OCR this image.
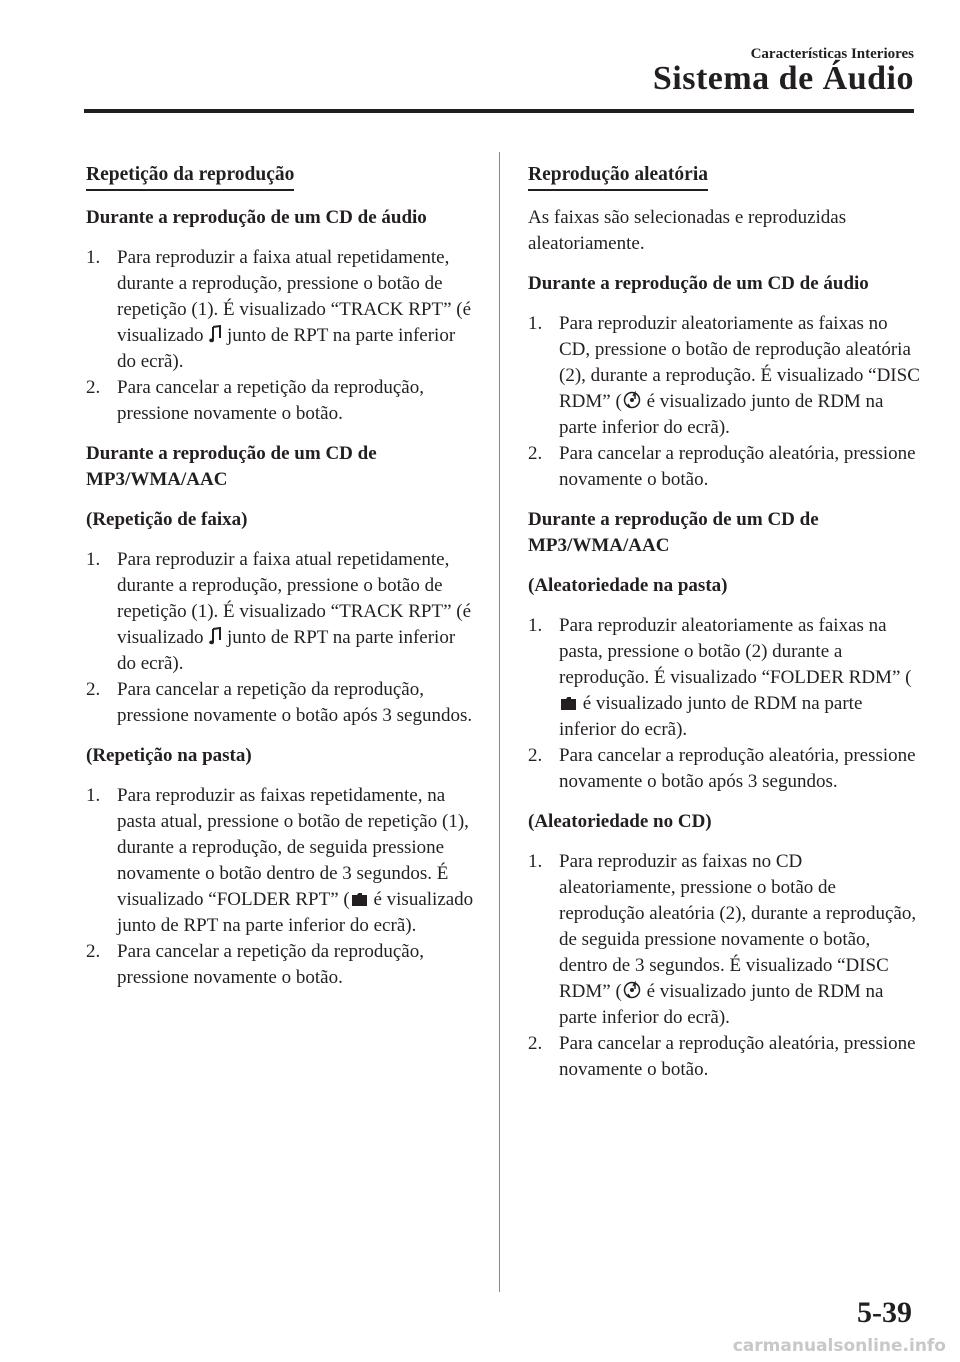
Características Interiores
Sistema de Áudio
Repetição da reprodução
Durante a reprodução de um CD de áudio
1. Para reproduzir a faixa atual repetidamente, durante a reprodução, pressione o botão de repetição (1). É visualizado “TRACK RPT” (é visualizado junto de RPT na parte inferior do ecrã).
2. Para cancelar a repetição da reprodução, pressione novamente o botão.
Durante a reprodução de um CD de MP3/WMA/AAC
(Repetição de faixa)
1. Para reproduzir a faixa atual repetidamente, durante a reprodução, pressione o botão de repetição (1). É visualizado “TRACK RPT” (é visualizado junto de RPT na parte inferior do ecrã).
2. Para cancelar a repetição da reprodução, pressione novamente o botão após 3 segundos.
(Repetição na pasta)
1. Para reproduzir as faixas repetidamente, na pasta atual, pressione o botão de repetição (1), durante a reprodução, de seguida pressione novamente o botão dentro de 3 segundos. É visualizado “FOLDER RPT” ( é visualizado junto de RPT na parte inferior do ecrã).
2. Para cancelar a repetição da reprodução, pressione novamente o botão.
Reprodução aleatória
As faixas são selecionadas e reproduzidas aleatoriamente.
Durante a reprodução de um CD de áudio
1. Para reproduzir aleatoriamente as faixas no CD, pressione o botão de reprodução aleatória (2), durante a reprodução. É visualizado “DISC RDM” ( é visualizado junto de RDM na parte inferior do ecrã).
2. Para cancelar a reprodução aleatória, pressione novamente o botão.
Durante a reprodução de um CD de MP3/WMA/AAC
(Aleatoriedade na pasta)
1. Para reproduzir aleatoriamente as faixas na pasta, pressione o botão (2) durante a reprodução. É visualizado “FOLDER RDM” ( é visualizado junto de RDM na parte inferior do ecrã).
2. Para cancelar a reprodução aleatória, pressione novamente o botão após 3 segundos.
(Aleatoriedade no CD)
1. Para reproduzir as faixas no CD aleatoriamente, pressione o botão de reprodução aleatória (2), durante a reprodução, de seguida pressione novamente o botão, dentro de 3 segundos. É visualizado “DISC RDM” ( é visualizado junto de RDM na parte inferior do ecrã).
2. Para cancelar a reprodução aleatória, pressione novamente o botão.
5-39
carmanualsonline.info
